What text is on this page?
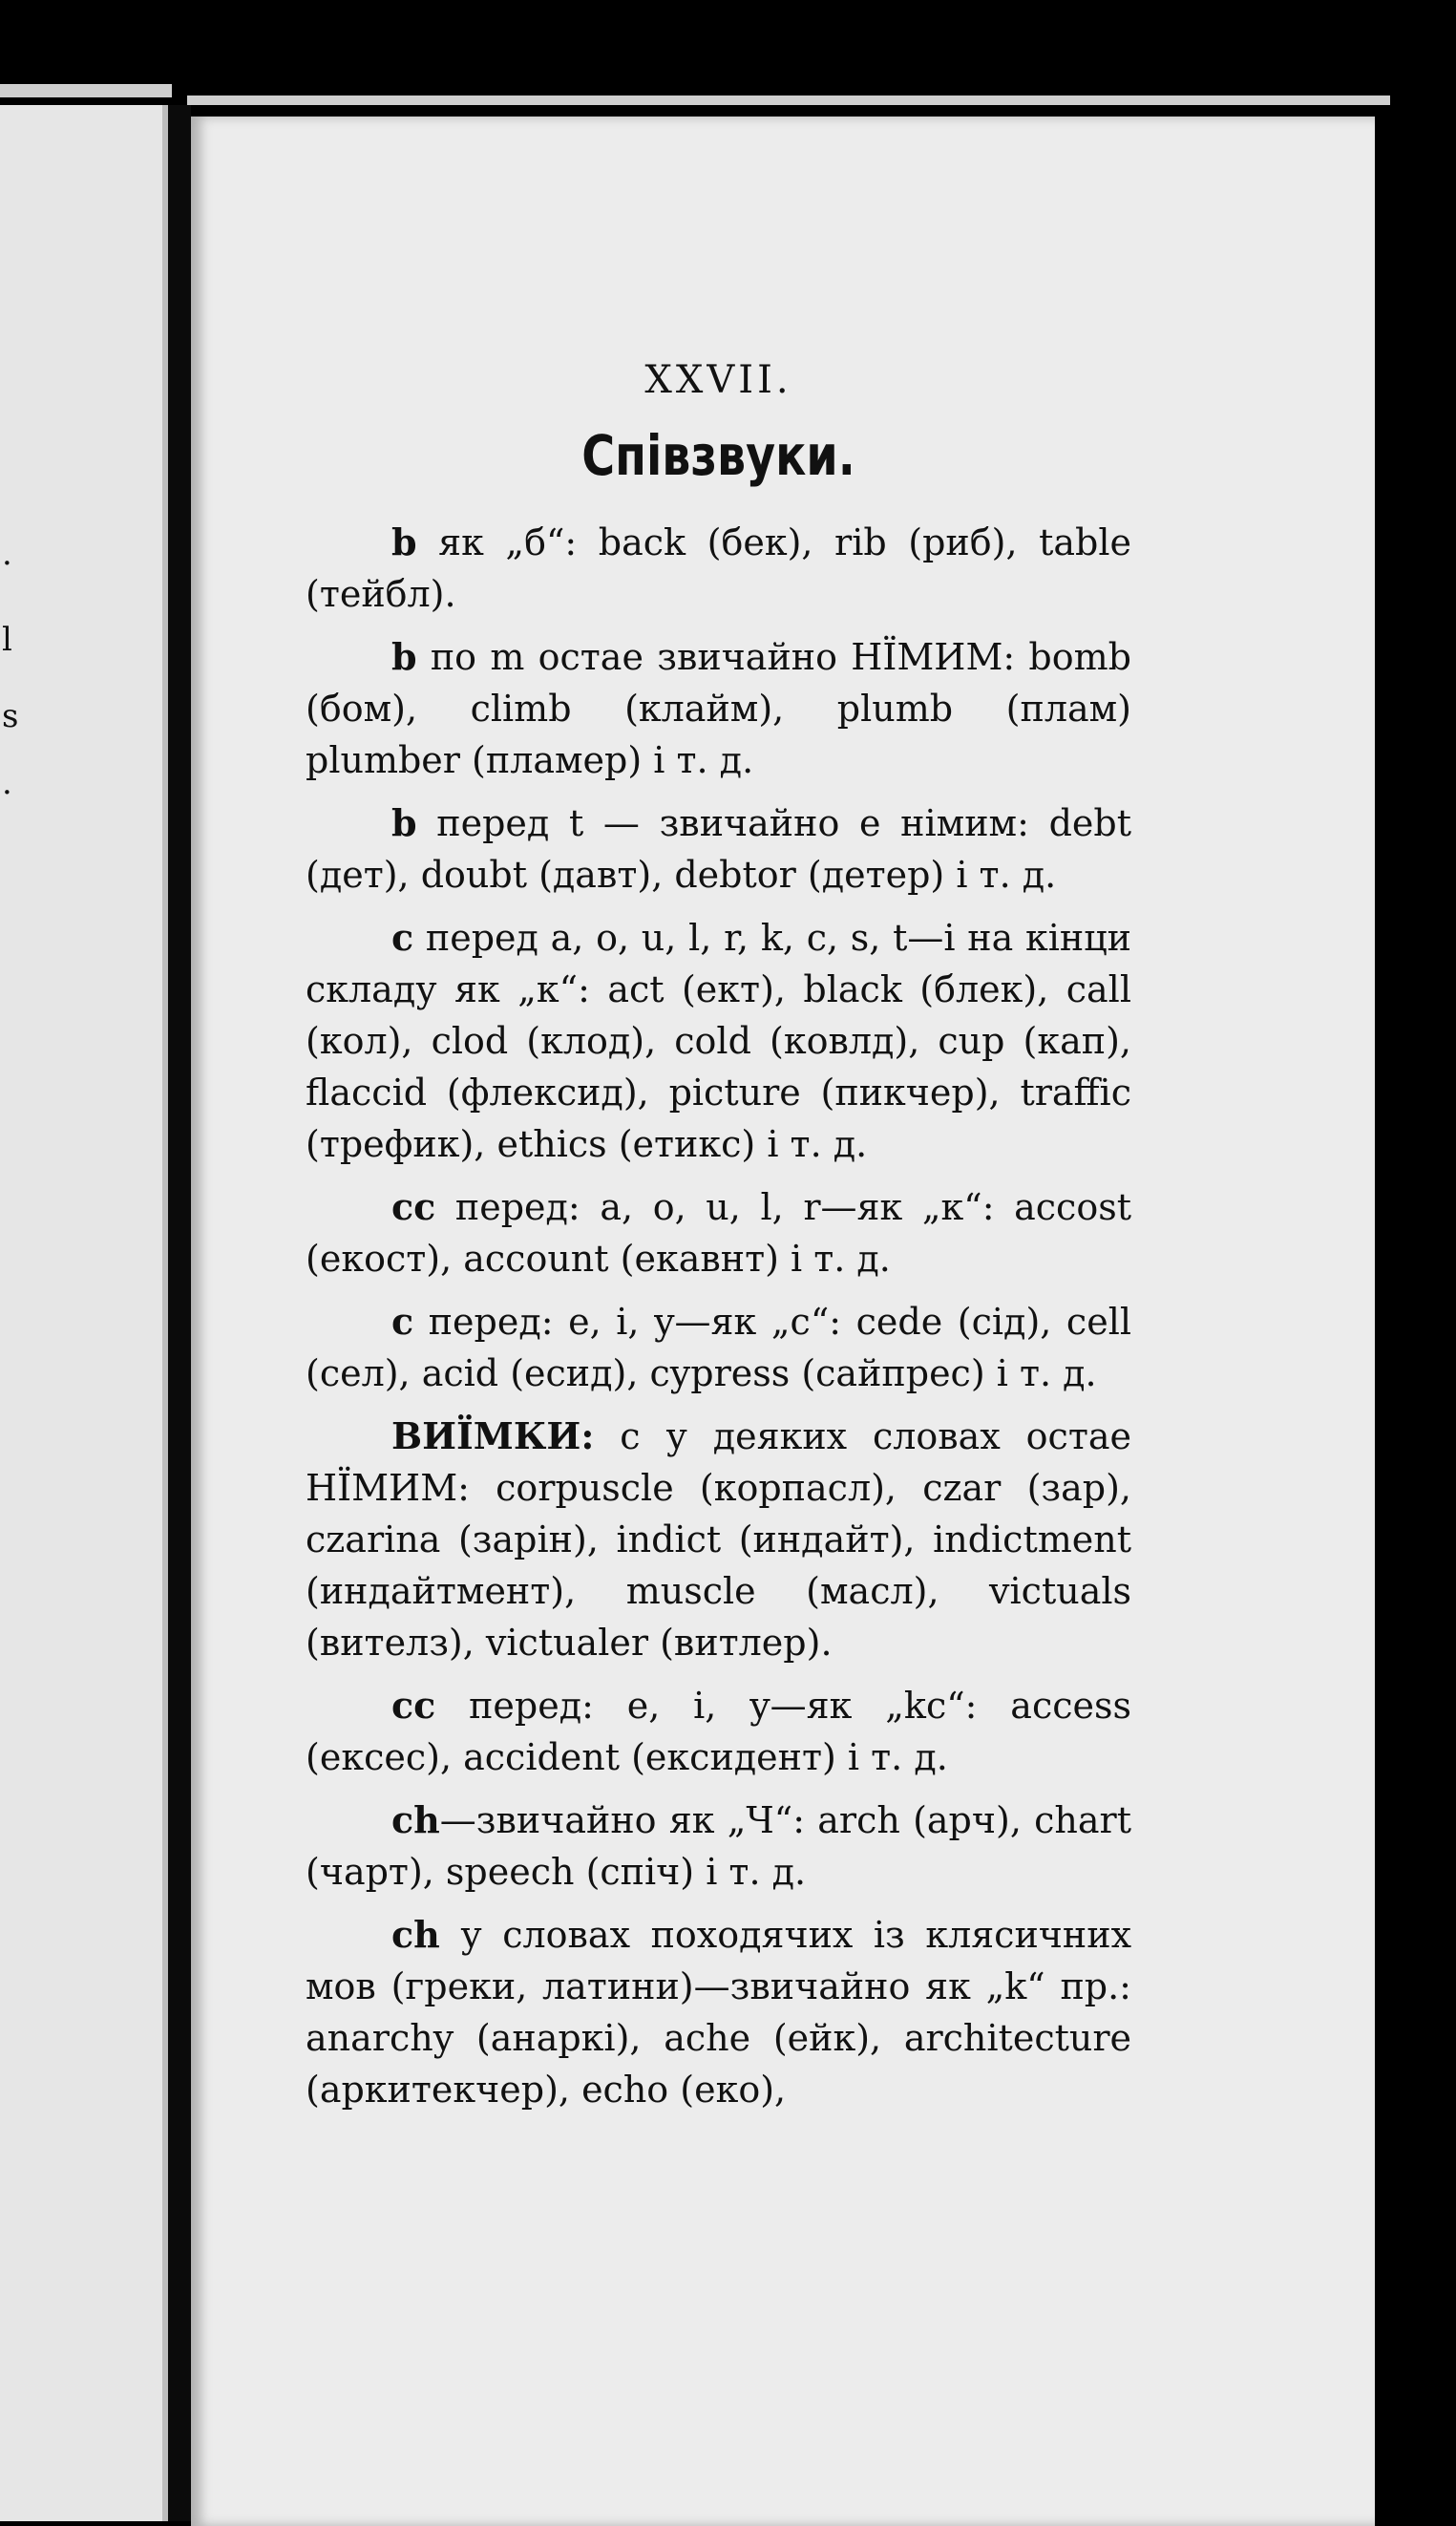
·
l
s
·
XXVII.
Співзвуки.

b як „б“: back (бек), rib (риб), table (тейбл).

b по m остае звичайно НЇМИМ: bomb (бом), climb (клайм), plumb (плам) plumber (пламер) і т. д.

b перед t — звичайно е німим: debt (дет), doubt (давт), debtor (детер) і т. д.

c перед a, o, u, l, r, k, c, s, t—і на кінци складу як „к“: act (ект), black (блек), call (кол), clod (клод), cold (ковлд), cup (кап), flaccid (флексид), picture (пикчер), traffic (трефик), ethics (етикс) і т. д.

cc перед: a, o, u, l, r—як „к“: accost (екост), account (екавнт) і т. д.

c перед: e, i, y—як „с“: cede (сід), cell (сел), acid (есид), cypress (сайпрес) і т. д.

ВИЇМКИ: c у деяких словах остае НЇМИМ: corpuscle (корпасл), czar (зар), czarina (зарін), indict (индайт), indictment (индайтмент), muscle (масл), victuals (вителз), victualer (витлер).

cc перед: e, i, y—як „kc“: access (ексес), accident (ексидент) і т. д.

ch—звичайно як „Ч“: arch (арч), chart (чарт), speech (спіч) і т. д.

ch у словах походячих із клясичних мов (греки, латини)—звичайно як „k“ пр.: anarchy (анаркі), ache (ейк), architecture (аркитекчер), echo (еко),
